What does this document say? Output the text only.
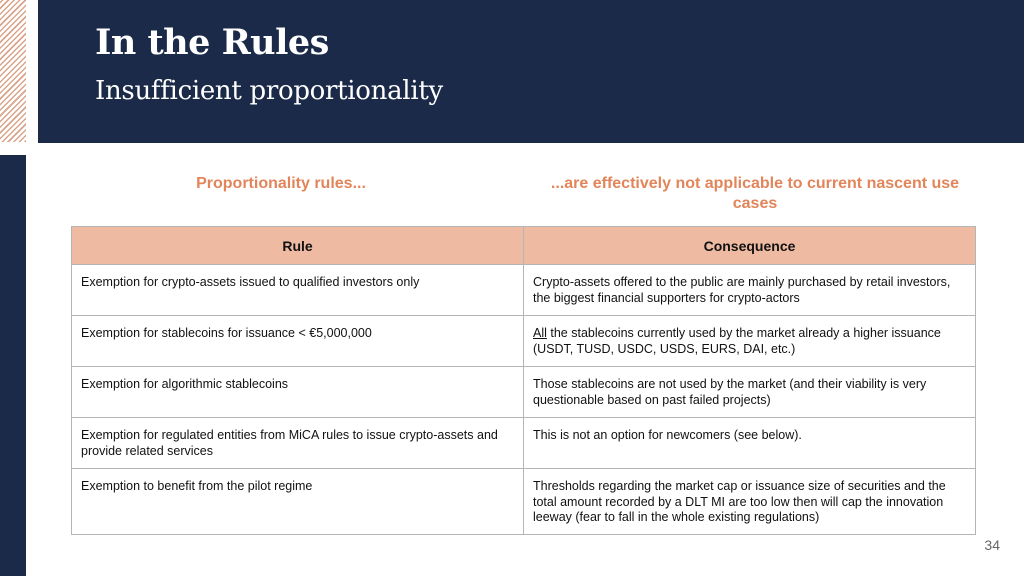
In the Rules
Insufficient proportionality
Proportionality rules...	...are effectively not applicable to current nascent use cases
Rule	Consequence
Exemption for crypto-assets issued to qualified investors only	Crypto-assets offered to the public are mainly purchased by retail investors, the biggest financial supporters for crypto-actors
Exemption for stablecoins for issuance < €5,000,000	All the stablecoins currently used by the market already a higher issuance (USDT, TUSD, USDC, USDS, EURS, DAI, etc.)
Exemption for algorithmic stablecoins	Those stablecoins are not used by the market (and their viability is very questionable based on past failed projects)
Exemption for regulated entities from MiCA rules to issue crypto-assets and provide related services	This is not an option for newcomers (see below).
Exemption to benefit from the pilot regime	Thresholds regarding the market cap or issuance size of securities and the total amount recorded by a DLT MI are too low then will cap the innovation leeway (fear to fall in the whole existing regulations)
34
